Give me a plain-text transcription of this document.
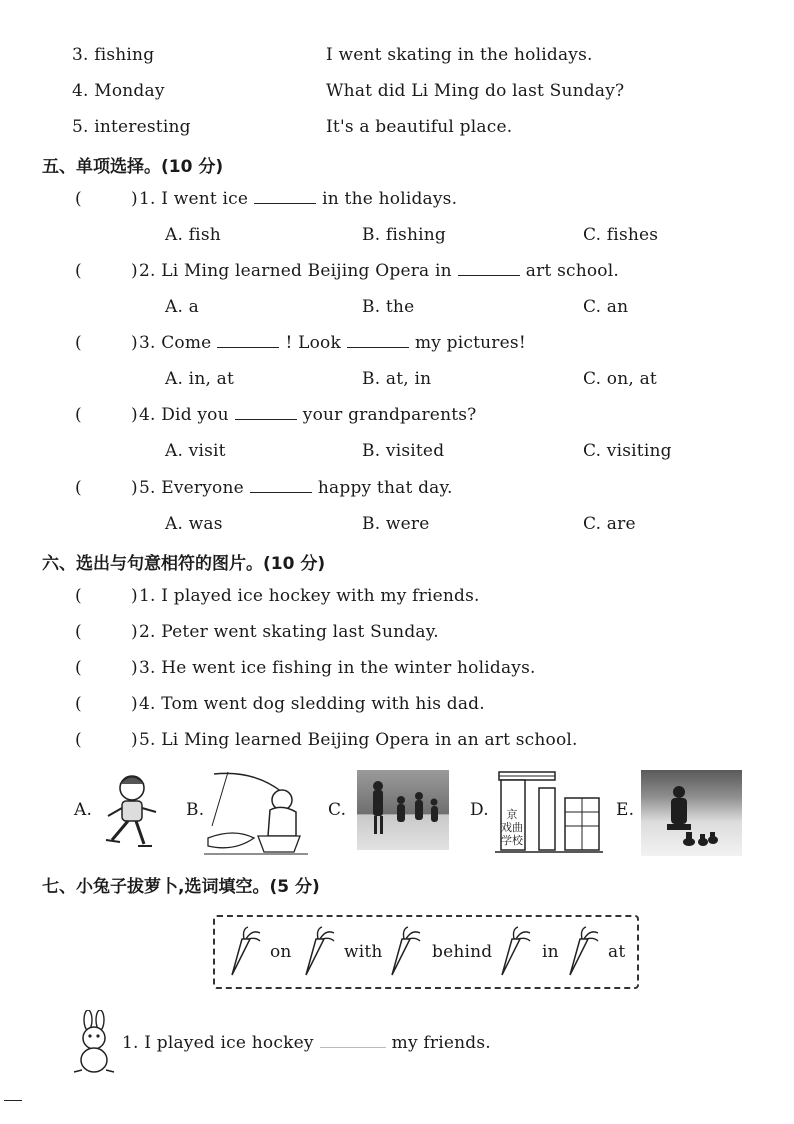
3. fishing	I went skating in the holidays.
4. Monday	What did Li Ming do last Sunday?
5. interesting	It's a beautiful place.
五、单项选择。(10 分)
(	) 1. I went ice	in the holidays.
A. fish	B. fishing	C. fishes
(	) 2. Li Ming learned Beijing Opera in	art school.
A. a	B. the	C. an
(	) 3. Come	! Look	my pictures!
A. in, at	B. at, in	C. on, at
(	) 4. Did you	your grandparents?
A. visit	B. visited	C. visiting
(	) 5. Everyone	happy that day.
A. was	B. were	C. are
六、选出与句意相符的图片。(10 分)
(	) 1. I played ice hockey with my friends.
(	) 2. Peter went skating last Sunday.
(	) 3. He went ice fishing in the winter holidays.
(	) 4. Tom went dog sledding with his dad.
(	) 5. Li Ming learned Beijing Opera in an art school.
A.	B.	C.	D.	京
戏曲
学校
E.
七、小兔子拔萝卜,选词填空。(5 分)
on	with	behind	in	at
1. I played ice hockey	my friends.
